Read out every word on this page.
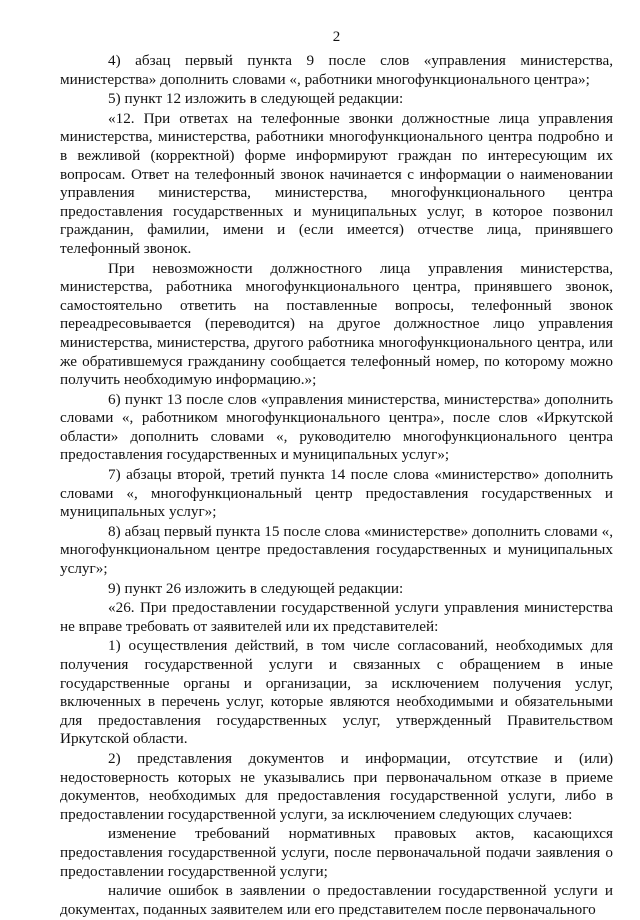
2

4) абзац первый пункта 9 после слов «управления министерства, министерства» дополнить словами «, работники многофункционального центра»;

5) пункт 12 изложить в следующей редакции:

«12. При ответах на телефонные звонки должностные лица управления министерства, министерства, работники многофункционального центра подробно и в вежливой (корректной) форме информируют граждан по интересующим их вопросам. Ответ на телефонный звонок начинается с информации о наименовании управления министерства, министерства, многофункционального центра предоставления государственных и муниципальных услуг, в которое позвонил гражданин, фамилии, имени и (если имеется) отчестве лица, принявшего телефонный звонок.

При невозможности должностного лица управления министерства, министерства, работника многофункционального центра, принявшего звонок, самостоятельно ответить на поставленные вопросы, телефонный звонок переадресовывается (переводится) на другое должностное лицо управления министерства, министерства, другого работника многофункционального центра, или же обратившемуся гражданину сообщается телефонный номер, по которому можно получить необходимую информацию.»;

6) пункт 13 после слов «управления министерства, министерства» дополнить словами «, работником многофункционального центра», после слов «Иркутской области» дополнить словами «, руководителю многофункционального центра предоставления государственных и муниципальных услуг»;

7) абзацы второй, третий пункта 14 после слова «министерство» дополнить словами «, многофункциональный центр предоставления государственных и муниципальных услуг»;

8) абзац первый пункта 15 после слова «министерстве» дополнить словами «, многофункциональном центре предоставления государственных и муниципальных услуг»;

9) пункт 26 изложить в следующей редакции:

«26. При предоставлении государственной услуги управления министерства не вправе требовать от заявителей или их представителей:

1) осуществления действий, в том числе согласований, необходимых для получения государственной услуги и связанных с обращением в иные государственные органы и организации, за исключением получения услуг, включенных в перечень услуг, которые являются необходимыми и обязательными для предоставления государственных услуг, утвержденный Правительством Иркутской области.

2) представления документов и информации, отсутствие и (или) недостоверность которых не указывались при первоначальном отказе в приеме документов, необходимых для предоставления государственной услуги, либо в предоставлении государственной услуги, за исключением следующих случаев:

изменение требований нормативных правовых актов, касающихся предоставления государственной услуги, после первоначальной подачи заявления о предоставлении государственной услуги;

наличие ошибок в заявлении о предоставлении государственной услуги и документах, поданных заявителем или его представителем после первоначального
